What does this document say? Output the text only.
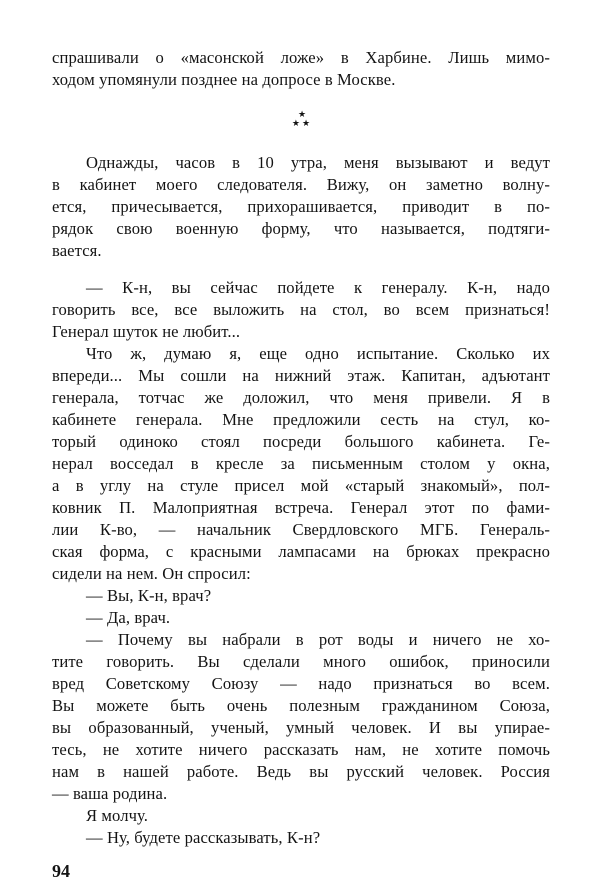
спрашивали о «масонской ложе» в Харбине. Лишь мимо-
ходом упомянули позднее на допросе в Москве.
★
★★
Однажды, часов в 10 утра, меня вызывают и ведут
в кабинет моего следователя. Вижу, он заметно волну-
ется, причесывается, прихорашивается, приводит в по-
рядок свою военную форму, что называется, подтяги-
вается.
— К-н, вы сейчас пойдете к генералу. К-н, надо
говорить все, все выложить на стол, во всем признаться!
Генерал шуток не любит...
Что ж, думаю я, еще одно испытание. Сколько их
впереди... Мы сошли на нижний этаж. Капитан, адъютант
генерала, тотчас же доложил, что меня привели. Я в
кабинете генерала. Мне предложили сесть на стул, ко-
торый одиноко стоял посреди большого кабинета. Ге-
нерал восседал в кресле за письменным столом у окна,
а в углу на стуле присел мой «старый знакомый», пол-
ковник П. Малоприятная встреча. Генерал этот по фами-
лии К-во, — начальник Свердловского МГБ. Генераль-
ская форма, с красными лампасами на брюках прекрасно
сидели на нем. Он спросил:
— Вы, К-н, врач?
— Да, врач.
— Почему вы набрали в рот воды и ничего не хо-
тите говорить. Вы сделали много ошибок, приносили
вред Советскому Союзу — надо признаться во всем.
Вы можете быть очень полезным гражданином Союза,
вы образованный, ученый, умный человек. И вы упирае-
тесь, не хотите ничего рассказать нам, не хотите помочь
нам в нашей работе. Ведь вы русский человек. Россия
— ваша родина.
Я молчу.
— Ну, будете рассказывать, К-н?
94
